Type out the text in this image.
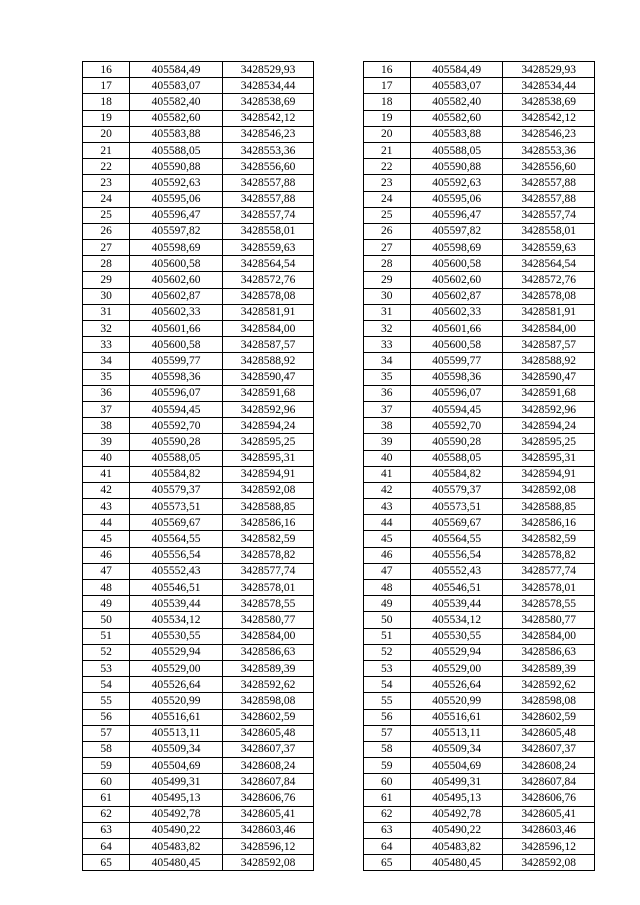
16	405584,49	3428529,93		16	405584,49	3428529,93
17	405583,07	3428534,44		17	405583,07	3428534,44
18	405582,40	3428538,69		18	405582,40	3428538,69
19	405582,60	3428542,12		19	405582,60	3428542,12
20	405583,88	3428546,23		20	405583,88	3428546,23
21	405588,05	3428553,36		21	405588,05	3428553,36
22	405590,88	3428556,60		22	405590,88	3428556,60
23	405592,63	3428557,88		23	405592,63	3428557,88
24	405595,06	3428557,88		24	405595,06	3428557,88
25	405596,47	3428557,74		25	405596,47	3428557,74
26	405597,82	3428558,01		26	405597,82	3428558,01
27	405598,69	3428559,63		27	405598,69	3428559,63
28	405600,58	3428564,54		28	405600,58	3428564,54
29	405602,60	3428572,76		29	405602,60	3428572,76
30	405602,87	3428578,08		30	405602,87	3428578,08
31	405602,33	3428581,91		31	405602,33	3428581,91
32	405601,66	3428584,00		32	405601,66	3428584,00
33	405600,58	3428587,57		33	405600,58	3428587,57
34	405599,77	3428588,92		34	405599,77	3428588,92
35	405598,36	3428590,47		35	405598,36	3428590,47
36	405596,07	3428591,68		36	405596,07	3428591,68
37	405594,45	3428592,96		37	405594,45	3428592,96
38	405592,70	3428594,24		38	405592,70	3428594,24
39	405590,28	3428595,25		39	405590,28	3428595,25
40	405588,05	3428595,31		40	405588,05	3428595,31
41	405584,82	3428594,91		41	405584,82	3428594,91
42	405579,37	3428592,08		42	405579,37	3428592,08
43	405573,51	3428588,85		43	405573,51	3428588,85
44	405569,67	3428586,16		44	405569,67	3428586,16
45	405564,55	3428582,59		45	405564,55	3428582,59
46	405556,54	3428578,82		46	405556,54	3428578,82
47	405552,43	3428577,74		47	405552,43	3428577,74
48	405546,51	3428578,01		48	405546,51	3428578,01
49	405539,44	3428578,55		49	405539,44	3428578,55
50	405534,12	3428580,77		50	405534,12	3428580,77
51	405530,55	3428584,00		51	405530,55	3428584,00
52	405529,94	3428586,63		52	405529,94	3428586,63
53	405529,00	3428589,39		53	405529,00	3428589,39
54	405526,64	3428592,62		54	405526,64	3428592,62
55	405520,99	3428598,08		55	405520,99	3428598,08
56	405516,61	3428602,59		56	405516,61	3428602,59
57	405513,11	3428605,48		57	405513,11	3428605,48
58	405509,34	3428607,37		58	405509,34	3428607,37
59	405504,69	3428608,24		59	405504,69	3428608,24
60	405499,31	3428607,84		60	405499,31	3428607,84
61	405495,13	3428606,76		61	405495,13	3428606,76
62	405492,78	3428605,41		62	405492,78	3428605,41
63	405490,22	3428603,46		63	405490,22	3428603,46
64	405483,82	3428596,12		64	405483,82	3428596,12
65	405480,45	3428592,08		65	405480,45	3428592,08
